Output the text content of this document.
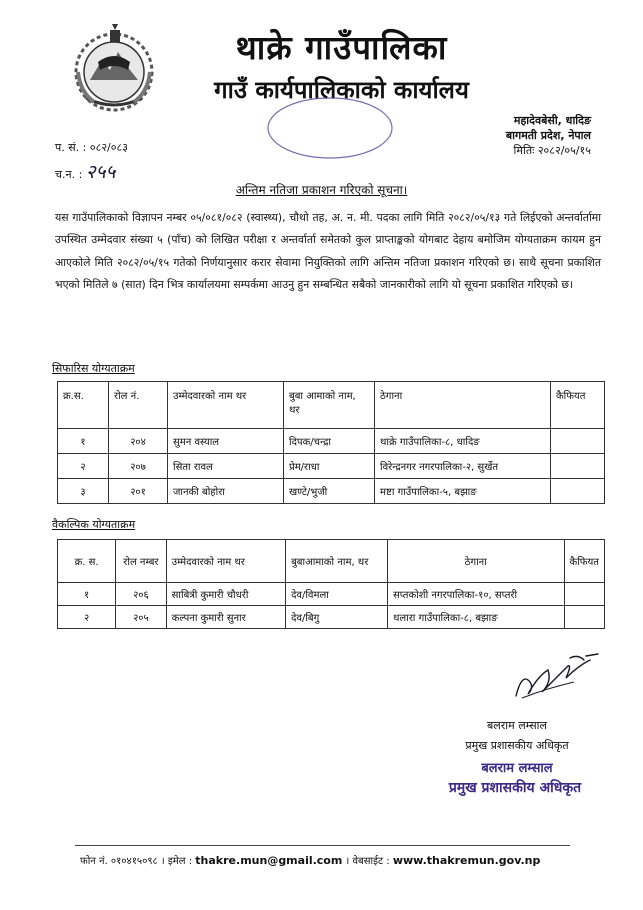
थाक्रे गाउँपालिका
गाउँ कार्यपालिकाको कार्यालय
महादेवबेसी, धादिङ
बागमती प्रदेश, नेपाल
प. सं. : ०८२/०८३
च.न. : २५५
मितिः २०८२/०५/१५
अन्तिम नतिजा प्रकाशन गरिएको सूचना।
यस गाउँपालिकाको विज्ञापन नम्बर ०५/०८१/०८२ (स्वास्थ्य), चौथो तह, अ. न. मी. पदका लागि मिति २०८२/०५/१३ गते लिईएको अन्तर्वार्तामा उपस्थित उम्मेदवार संख्या ५ (पाँच) को लिखित परीक्षा र अन्तर्वार्ता समेतको कुल प्राप्ताङ्कको योगबाट देहाय बमोजिम योग्यताक्रम कायम हुन आएकोले मिति २०८२/०५/१५ गतेको निर्णयानुसार करार सेवामा नियुक्तिको लागि अन्तिम नतिजा प्रकाशन गरिएको छ। साथै सूचना प्रकाशित भएको मितिले ७ (सात) दिन भित्र कार्यालयमा सम्पर्कमा आउनु हुन सम्बन्धित सबैको जानकारीको लागि यो सूचना प्रकाशित गरिएको छ।
सिफारिस योग्यताक्रम
क्र.स.	रोल नं.	उम्मेदवारको नाम थर	बुबा आमाको नाम, थर	ठेगाना	कैफियत
१	२०४	सुमन वस्याल	दिपक/चन्द्रा	थाक्रे गाउँपालिका-८, धादिङ	
२	२०७	सिता रावल	प्रेम/राधा	विरेन्द्रनगर नगरपालिका-२, सुर्खेत	
३	२०१	जानकी बोहोरा	खण्टे/भुजी	मष्टा गाउँपालिका-५, बझाङ	
वैकल्पिक योग्यताक्रम
क्र. स.	रोल नम्बर	उम्मेदवारको नाम थर	बुबाआमाको नाम, थर	ठेगाना	कैफियत
१	२०६	साबित्री कुमारी चौधरी	देव/विमला	सप्तकोशी नगरपालिका-१०, सप्तरी	
२	२०५	कल्पना कुमारी सुनार	देव/बिगु	थलारा गाउँपालिका-८, बझाङ	
बलराम लम्साल
प्रमुख प्रशासकीय अधिकृत
बलराम लम्साल
प्रमुख प्रशासकीय अधिकृत
फोन नं. ०१०४१५०९८ । इमेल : thakre.mun@gmail.com । वेबसाईट : www.thakremun.gov.np
